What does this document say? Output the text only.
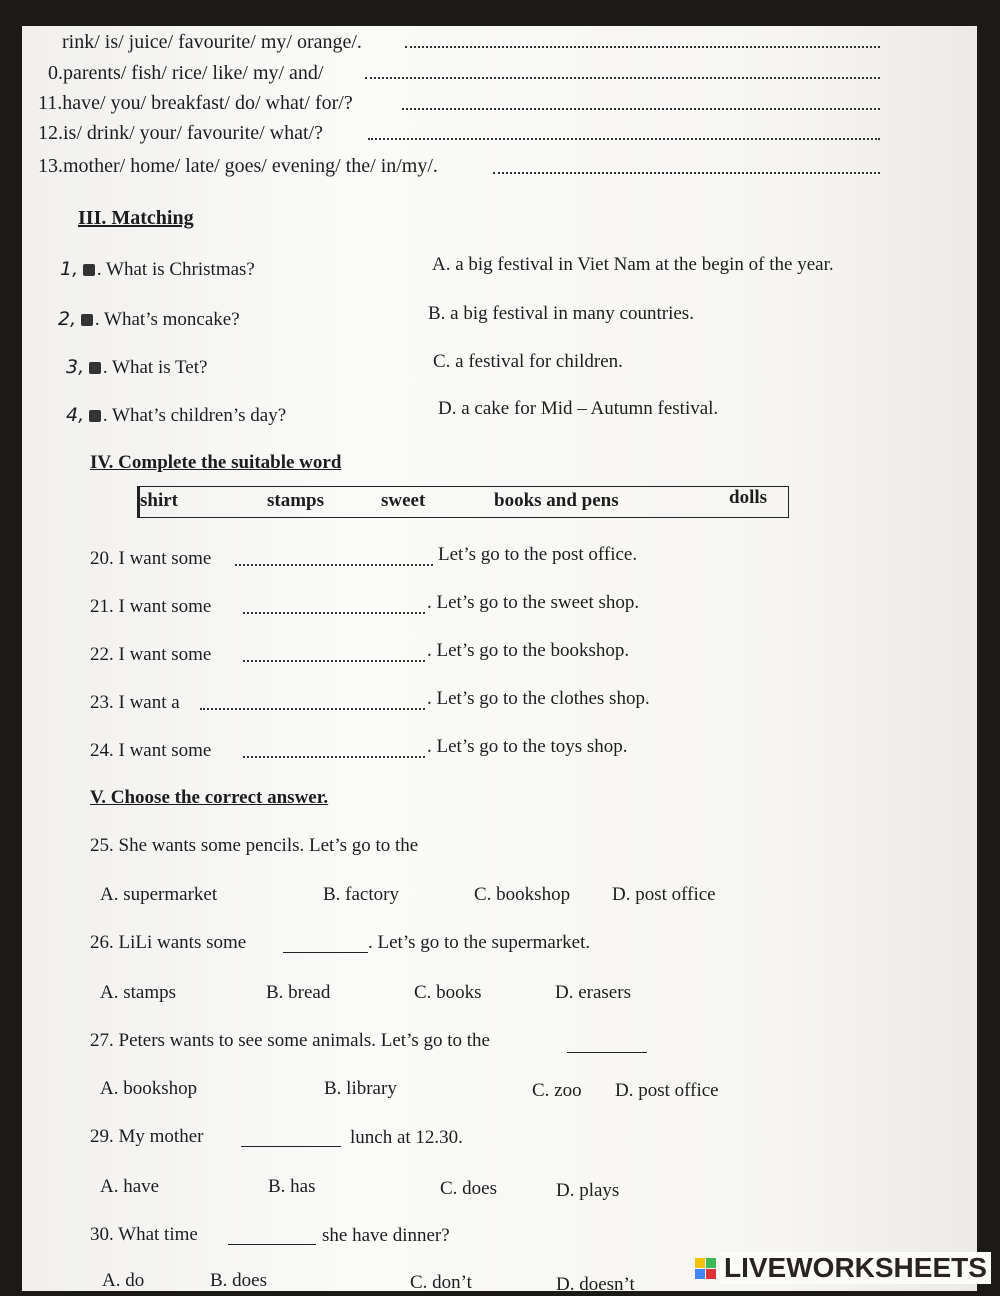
rink/ is/ juice/ favourite/ my/ orange/.
0.parents/ fish/ rice/ like/ my/ and/
11.have/ you/ breakfast/ do/ what/ for/?
12.is/ drink/ your/ favourite/ what/?
13.mother/ home/ late/ goes/ evening/ the/ in/my/.
III. Matching
1, . What is Christmas?	A. a big festival in Viet Nam at the begin of the year.
2, . What’s moncake?	B. a big festival in many countries.
3, . What is Tet?	C. a festival for children.
4, . What’s children’s day?	D. a cake for Mid – Autumn festival.
IV. Complete the suitable word
shirt	stamps	sweet	books and pens	dolls
20. I want some	Let’s go to the post office.
21. I want some	. Let’s go to the sweet shop.
22. I want some	. Let’s go to the bookshop.
23. I want a	. Let’s go to the clothes shop.
24. I want some	. Let’s go to the toys shop.
V. Choose the correct answer.
25. She wants some pencils. Let’s go to the
A. supermarket	B. factory	C. bookshop D. post office
26. LiLi wants some	. Let’s go to the supermarket.
A. stamps	B. bread	C. books	D. erasers
27. Peters wants to see some animals. Let’s go to the
A. bookshop	B. library	C. zoo D. post office
29. My mother	lunch at 12.30.
A. have	B. has	C. does	D. plays
30. What time	she have dinner?
A. do	B. does	C. don’t	D. doesn’t
LIVEWORKSHEETS
